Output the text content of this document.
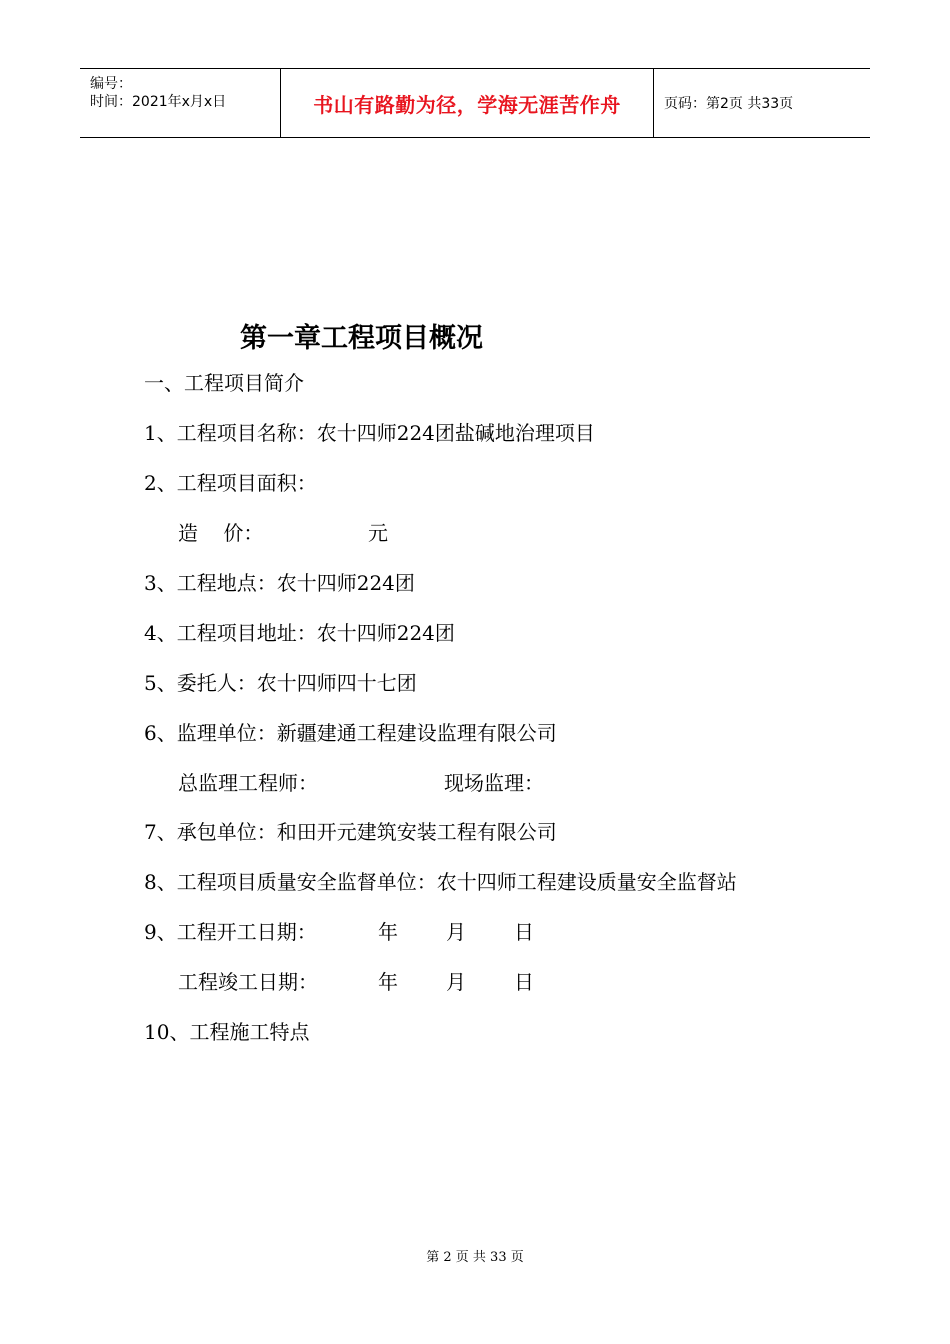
编号：
时间：2021年x月x日	书山有路勤为径，学海无涯苦作舟	页码：第2页 共33页
第一章工程项目概况
一、工程项目简介
1、工程项目名称：农十四师224团盐碱地治理项目
2、工程项目面积：
造    价：	元
3、工程地点：农十四师224团
4、工程项目地址：农十四师224团
5、委托人：农十四师四十七团
6、监理单位：新疆建通工程建设监理有限公司
总监理工程师：	现场监理：
7、承包单位：和田开元建筑安装工程有限公司
8、工程项目质量安全监督单位：农十四师工程建设质量安全监督站
9、工程开工日期：	年 月 日
工程竣工日期：	年 月 日
10、工程施工特点
第 2 页 共 33 页
